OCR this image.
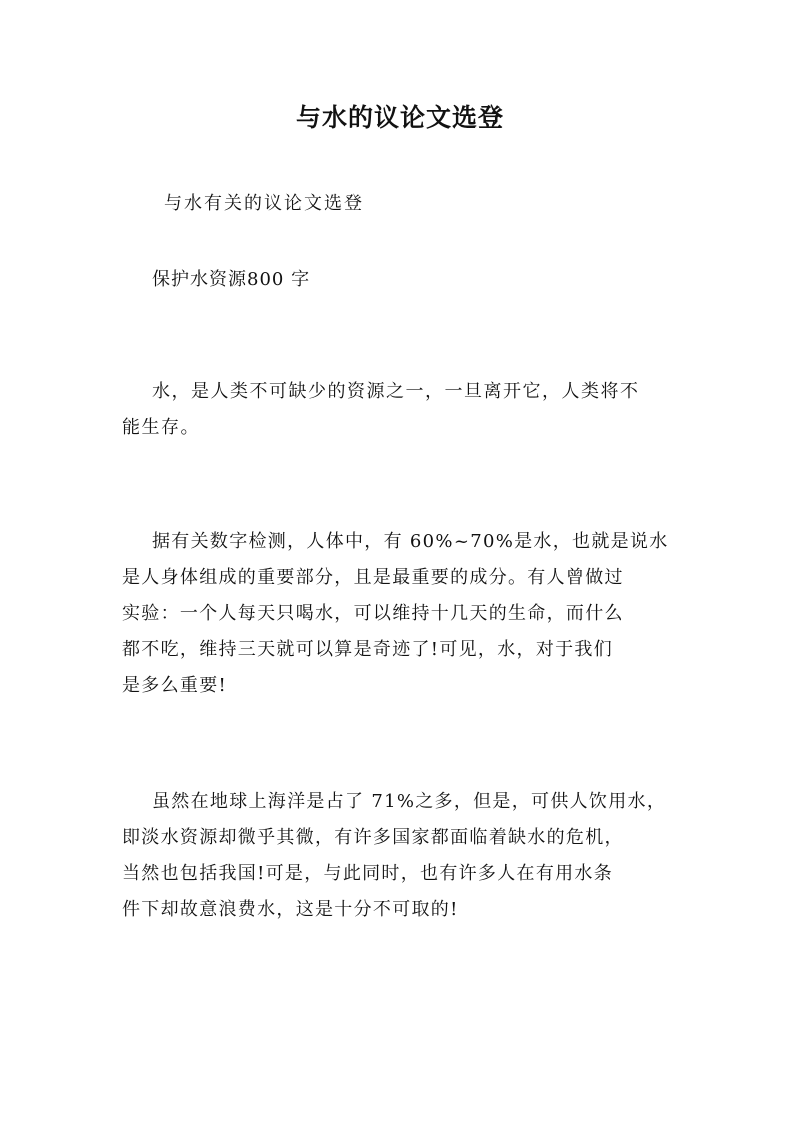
与水的议论文选登
与水有关的议论文选登
保护水资源800 字
水，是人类不可缺少的资源之一，一旦离开它，人类将不
能生存。
据有关数字检测，人体中，有 60%~70%是水，也就是说水
是人身体组成的重要部分，且是最重要的成分。有人曾做过
实验：一个人每天只喝水，可以维持十几天的生命，而什么
都不吃，维持三天就可以算是奇迹了!可见，水，对于我们
是多么重要!
虽然在地球上海洋是占了 71%之多，但是，可供人饮用水，
即淡水资源却微乎其微，有许多国家都面临着缺水的危机，
当然也包括我国!可是，与此同时，也有许多人在有用水条
件下却故意浪费水，这是十分不可取的!
